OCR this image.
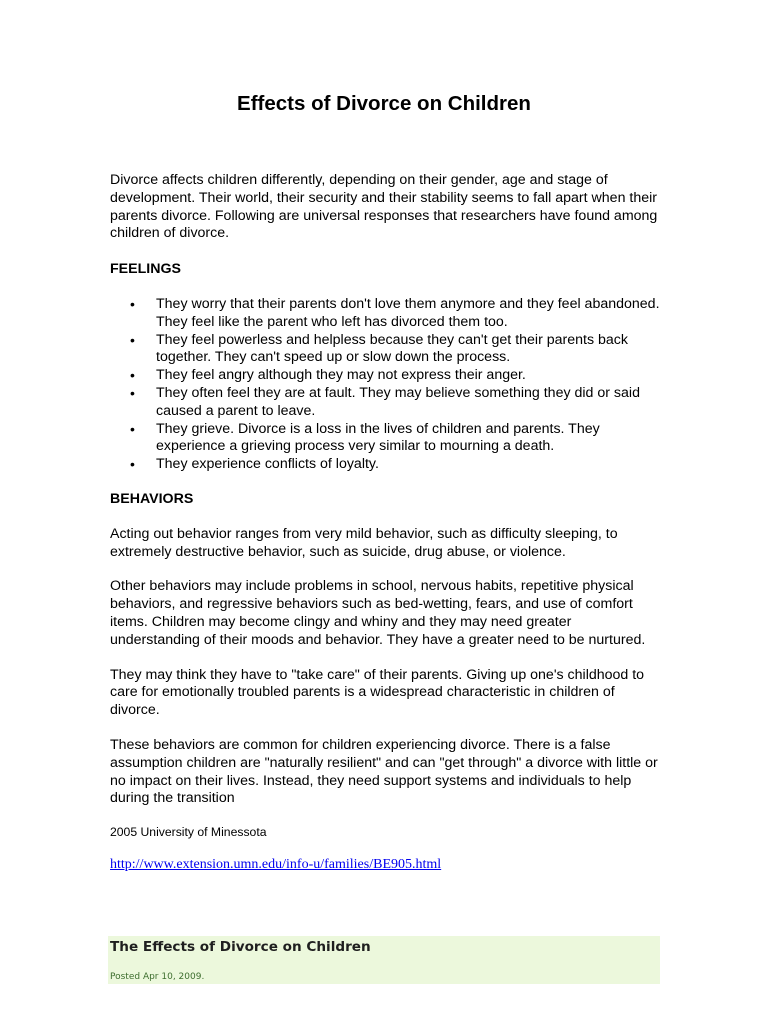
Effects of Divorce on Children

Divorce affects children differently, depending on their gender, age and stage of development. Their world, their security and their stability seems to fall apart when their parents divorce. Following are universal responses that researchers have found among children of divorce.

FEELINGS

• They worry that their parents don't love them anymore and they feel abandoned. They feel like the parent who left has divorced them too.
• They feel powerless and helpless because they can't get their parents back together. They can't speed up or slow down the process.
• They feel angry although they may not express their anger.
• They often feel they are at fault. They may believe something they did or said caused a parent to leave.
• They grieve. Divorce is a loss in the lives of children and parents. They experience a grieving process very similar to mourning a death.
• They experience conflicts of loyalty.

BEHAVIORS

Acting out behavior ranges from very mild behavior, such as difficulty sleeping, to extremely destructive behavior, such as suicide, drug abuse, or violence.

Other behaviors may include problems in school, nervous habits, repetitive physical behaviors, and regressive behaviors such as bed-wetting, fears, and use of comfort items. Children may become clingy and whiny and they may need greater understanding of their moods and behavior. They have a greater need to be nurtured.

They may think they have to "take care" of their parents. Giving up one's childhood to care for emotionally troubled parents is a widespread characteristic in children of divorce.

These behaviors are common for children experiencing divorce. There is a false assumption children are "naturally resilient" and can "get through" a divorce with little or no impact on their lives. Instead, they need support systems and individuals to help during the transition

2005 University of Minessota

http://www.extension.umn.edu/info-u/families/BE905.html
The Effects of Divorce on Children
Posted Apr 10, 2009.
